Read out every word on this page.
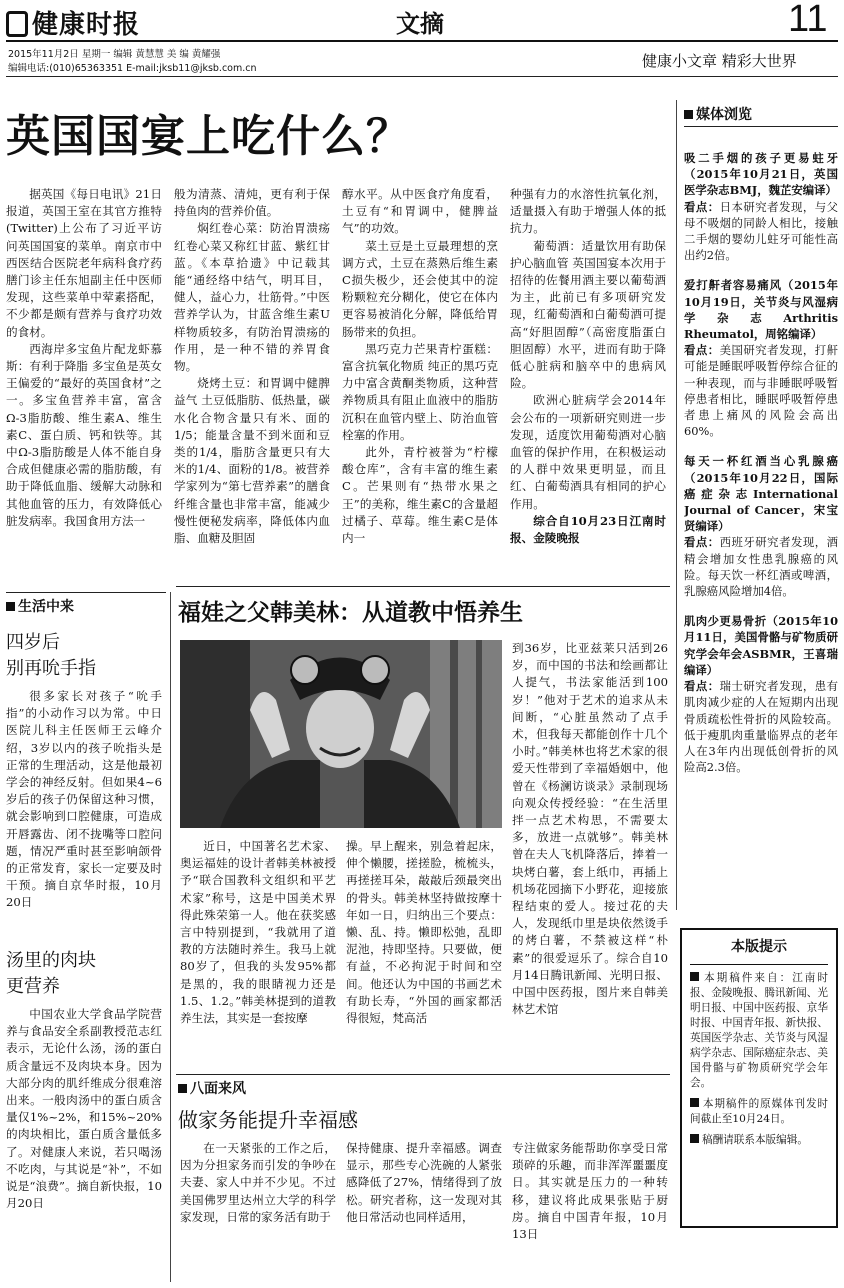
健康时报	文摘	11
2015年11月2日 星期一 编辑 黄慧慧 美 编 黄耀强
编辑电话:(010)65363351 E-mail:jksb11@jksb.com.cn	健康小文章 精彩大世界
英国国宴上吃什么？

据英国《每日电讯》21日报道，英国王室在其官方推特(Twitter)上公布了习近平访问英国国宴的菜单。南京市中西医结合医院老年病科食疗药膳门诊主任东旭副主任中医师发现，这些菜单中荤素搭配，不少都是颇有营养与食疗功效的食材。

西海岸多宝鱼片配龙虾慕斯：有利于降脂 多宝鱼是英女王偏爱的“最好的英国食材”之一。多宝鱼营养丰富，富含Ω-3脂肪酸、维生素A、维生素C、蛋白质、钙和铁等。其中Ω-3脂肪酸是人体不能自身合成但健康必需的脂肪酸，有助于降低血脂、缓解大动脉和其他血管的压力，有效降低心脏发病率。我国食用方法一

般为清蒸、清炖，更有利于保持鱼肉的营养价值。

焖红卷心菜：防治胃溃疡 红卷心菜又称红甘蓝、紫红甘蓝。《本草拾遗》中记载其能“通经络中结气，明耳目，健人，益心力，壮筋骨。”中医营养学认为，甘蓝含维生素U样物质较多，有防治胃溃疡的作用，是一种不错的养胃食物。

烧烤土豆：和胃调中健脾益气 土豆低脂肪、低热量，碳水化合物含量只有米、面的1/5；能量含量不到米面和豆类的1/4，脂肪含量更只有大米的1/4、面粉的1/8。被营养学家列为“第七营养素”的膳食纤维含量也非常丰富，能减少慢性便秘发病率，降低体内血脂、血糖及胆固

醇水平。从中医食疗角度看，土豆有“和胃调中，健脾益气”的功效。

菜土豆是土豆最理想的烹调方式，土豆在蒸熟后维生素C损失极少，还会使其中的淀粉颗粒充分糊化，使它在体内更容易被消化分解，降低给胃肠带来的负担。

黑巧克力芒果青柠蛋糕：富含抗氧化物质 纯正的黑巧克力中富含黄酮类物质，这种营养物质具有阻止血液中的脂肪沉积在血管内壁上、防治血管栓塞的作用。

此外，青柠被誉为“柠檬酸仓库”，含有丰富的维生素C。芒果则有“热带水果之王”的美称，维生素C的含量超过橘子、草莓。维生素C是体内一

种强有力的水溶性抗氧化剂，适量摄入有助于增强人体的抵抗力。

葡萄酒：适量饮用有助保护心脑血管 英国国宴本次用于招待的佐餐用酒主要以葡萄酒为主，此前已有多项研究发现，红葡萄酒和白葡萄酒可提高“好胆固醇”（高密度脂蛋白胆固醇）水平，进而有助于降低心脏病和脑卒中的患病风险。

欧洲心脏病学会2014年会公布的一项新研究则进一步发现，适度饮用葡萄酒对心脑血管的保护作用，在积极运动的人群中效果更明显，而且红、白葡萄酒具有相同的护心作用。

综合自10月23日江南时报、金陵晚报

媒体浏览

吸二手烟的孩子更易蛀牙（2015年10月21日，英国医学杂志BMJ，魏芷安编译）
看点：日本研究者发现，与父母不吸烟的同龄人相比，接触二手烟的婴幼儿蛀牙可能性高出约2倍。

爱打鼾者容易痛风（2015年10月19日，关节炎与风湿病学杂志Arthritis Rheumatol，周铭编译）
看点：美国研究者发现，打鼾可能是睡眠呼吸暂停综合征的一种表现，而与非睡眠呼吸暂停患者相比，睡眠呼吸暂停患者患上痛风的风险会高出60%。

每天一杯红酒当心乳腺癌（2015年10月22日，国际癌症杂志International Journal of Cancer，宋宝贤编译）
看点：西班牙研究者发现，酒精会增加女性患乳腺癌的风险。每天饮一杯红酒或啤酒，乳腺癌风险增加4倍。

肌肉少更易骨折（2015年10月11日，美国骨骼与矿物质研究学会年会ASBMR，王喜瑞编译）
看点：瑞士研究者发现，患有肌肉减少症的人在短期内出现骨质疏松性骨折的风险较高。低于瘦肌肉重量临界点的老年人在3年内出现低创骨折的风险高2.3倍。

生活中来
四岁后
别再吮手指

很多家长对孩子“吮手指”的小动作习以为常。中日医院儿科主任医师王云峰介绍，3岁以内的孩子吮指头是正常的生理活动，这是他最初学会的神经反射。但如果4~6岁后的孩子仍保留这种习惯，就会影响到口腔健康，可造成开唇露齿、闭不拢嘴等口腔问题，情况严重时甚至影响颌骨的正常发育，家长一定要及时干预。摘自京华时报，10月20日

汤里的肉块
更营养

中国农业大学食品学院营养与食品安全系副教授范志红表示，无论什么汤，汤的蛋白质含量远不及肉块本身。因为大部分肉的肌纤维成分很难溶出来。一般肉汤中的蛋白质含量仅1%~2%，和15%~20%的肉块相比，蛋白质含量低多了。对健康人来说，若只喝汤不吃肉，与其说是“补”，不如说是“浪费”。摘自新快报，10月20日

福娃之父韩美林：从道教中悟养生

到36岁，比亚兹莱只活到26岁，而中国的书法和绘画都让人提气，书法家能活到100岁！”他对于艺术的追求从未间断，“心脏虽然动了点手术，但我每天都能创作十几个小时。”韩美林也将艺术家的很爱天性带到了幸福婚姻中，他曾在《杨澜访谈录》录制现场向观众传授经验：“在生活里拌一点艺术构思，不需要太多，放进一点就够”。韩美林曾在夫人飞机降落后，捧着一块烤白薯，套上纸巾，再插上机场花园摘下小野花，迎接旅程结束的爱人。接过花的夫人，发现纸巾里是块依然烫手的烤白薯，不禁被这样“朴素”的很爱逗乐了。综合自10月14日腾讯新闻、光明日报、中国中医药报，图片来自韩美林艺术馆

近日，中国著名艺术家、奥运福娃的设计者韩美林被授予“联合国教科文组织和平艺术家”称号，这是中国美术界得此殊荣第一人。他在获奖感言中特别提到，“我就用了道教的方法随时养生。我马上就80岁了，但我的头发95%都是黑的，我的眼睛视力还是1.5、1.2。”韩美林提到的道教养生法，其实是一套按摩

操。早上醒来，别急着起床，伸个懒腰，搓搓脸，梳梳头，再搓搓耳朵，敲敲后颈最突出的骨头。韩美林坚持做按摩十年如一日，归纳出三个要点：懒、乱、持。懒即松弛，乱即泥池，持即坚持。只要做，便有益，不必拘泥于时间和空间。他还认为中国的书画艺术有助长寿，“外国的画家都活得很短，梵高活

八面来风
做家务能提升幸福感

在一天紧张的工作之后，因为分担家务而引发的争吵在夫妻、家人中并不少见。不过美国佛罗里达州立大学的科学家发现，日常的家务活有助于

保持健康、提升幸福感。调查显示，那些专心洗碗的人紧张感降低了27%，情绪得到了放松。研究者称，这一发现对其他日常活动也同样适用，

专注做家务能帮助你享受日常琐碎的乐趣，而非浑浑噩噩度日。其实就是压力的一种转移，建议将此成果张贴于厨房。摘自中国青年报，10月13日

本版提示

本期稿件来自：江南时报、金陵晚报、腾讯新闻、光明日报、中国中医药报、京华时报、中国青年报、新快报、英国医学杂志、关节炎与风湿病学杂志、国际癌症杂志、美国骨骼与矿物质研究学会年会。

本期稿件的原媒体刊发时间截止至10月24日。

稿酬请联系本版编辑。
